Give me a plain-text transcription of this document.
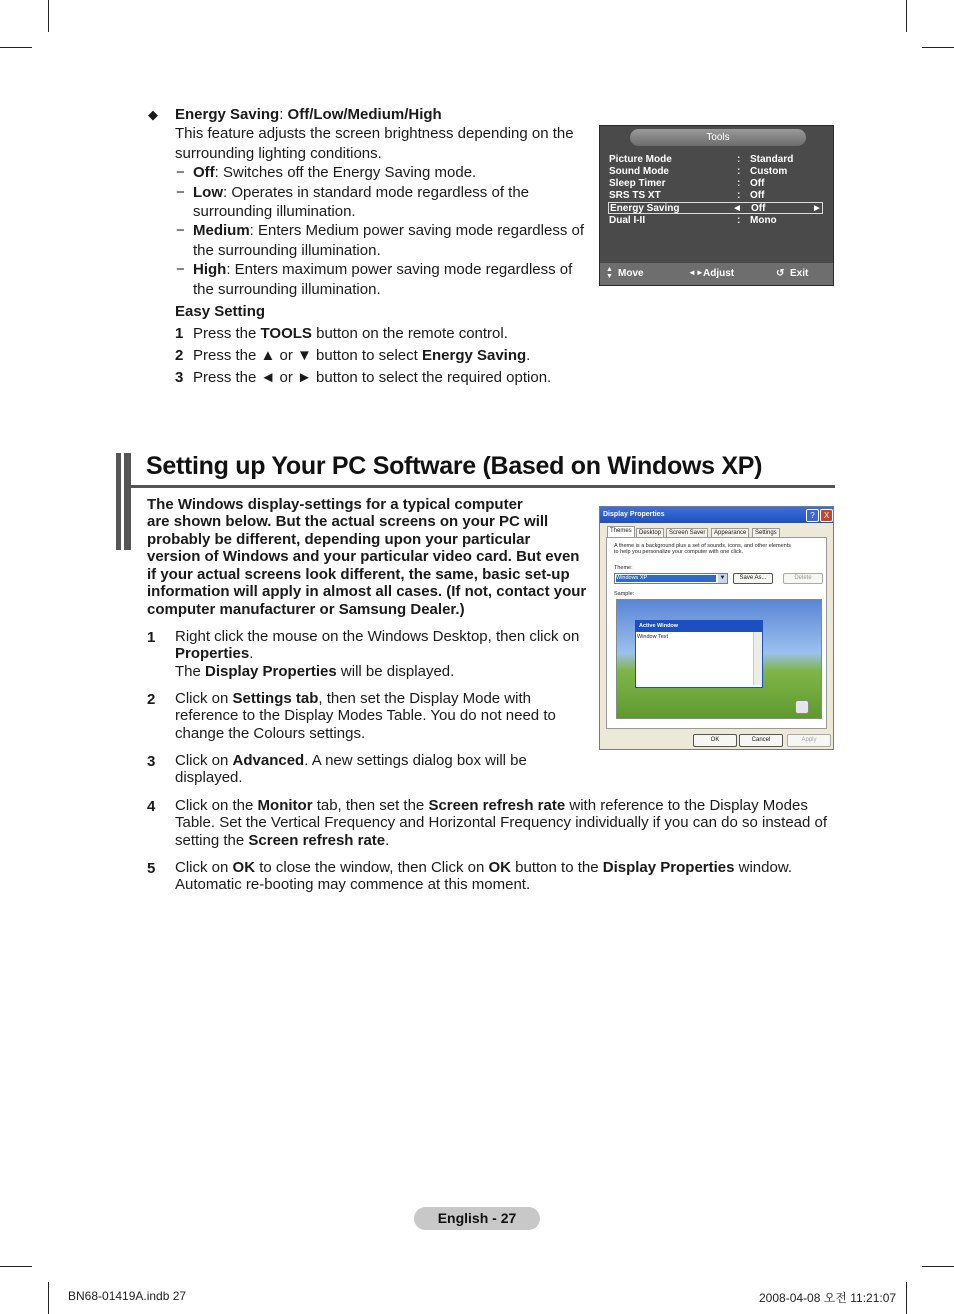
◆ Energy Saving: Off/Low/Medium/High
This feature adjusts the screen brightness depending on the
surrounding lighting conditions.
− Off: Switches off the Energy Saving mode.
− Low: Operates in standard mode regardless of the
surrounding illumination.
− Medium: Enters Medium power saving mode regardless of
the surrounding illumination.
− High: Enters maximum power saving mode regardless of
the surrounding illumination.
Easy Setting
1 Press the TOOLS button on the remote control.
2 Press the ▲ or ▼ button to select Energy Saving.
3 Press the ◄ or ► button to select the required option.
Tools
Picture Mode	: Standard
Sound Mode	: Custom
Sleep Timer	: Off
SRS TS XT	: Off
Energy Saving	◄ Off	►
Dual I-II	: Mono
▲
▼ Move	◄► Adjust	↺ Exit
Setting up Your PC Software (Based on Windows XP)
The Windows display-settings for a typical computer
are shown below. But the actual screens on your PC will
probably be different, depending upon your particular
version of Windows and your particular video card. But even
if your actual screens look different, the same, basic set-up
information will apply in almost all cases. (If not, contact your
computer manufacturer or Samsung Dealer.)
1 Right click the mouse on the Windows Desktop, then click on
Properties.
The Display Properties will be displayed.
2 Click on Settings tab, then set the Display Mode with
reference to the Display Modes Table. You do not need to
change the Colours settings.
3 Click on Advanced. A new settings dialog box will be
displayed.
4 Click on the Monitor tab, then set the Screen refresh rate with reference to the Display Modes
Table. Set the Vertical Frequency and Horizontal Frequency individually if you can do so instead of
setting the Screen refresh rate.
5 Click on OK to close the window, then Click on OK button to the Display Properties window.
Automatic re-booting may commence at this moment.
Display Properties	?	X
Themes	Desktop	Screen Saver	Appearance	Settings
A theme is a background plus a set of sounds, icons, and other elements
to help you personalize your computer with one click.
Theme:
Windows XP	▼	Save As...	Delete
Sample:
Active Window
Window Text
OK	Cancel	Apply
English - 27
BN68-01419A.indb 27	2008-04-08 오전 11:21:07
